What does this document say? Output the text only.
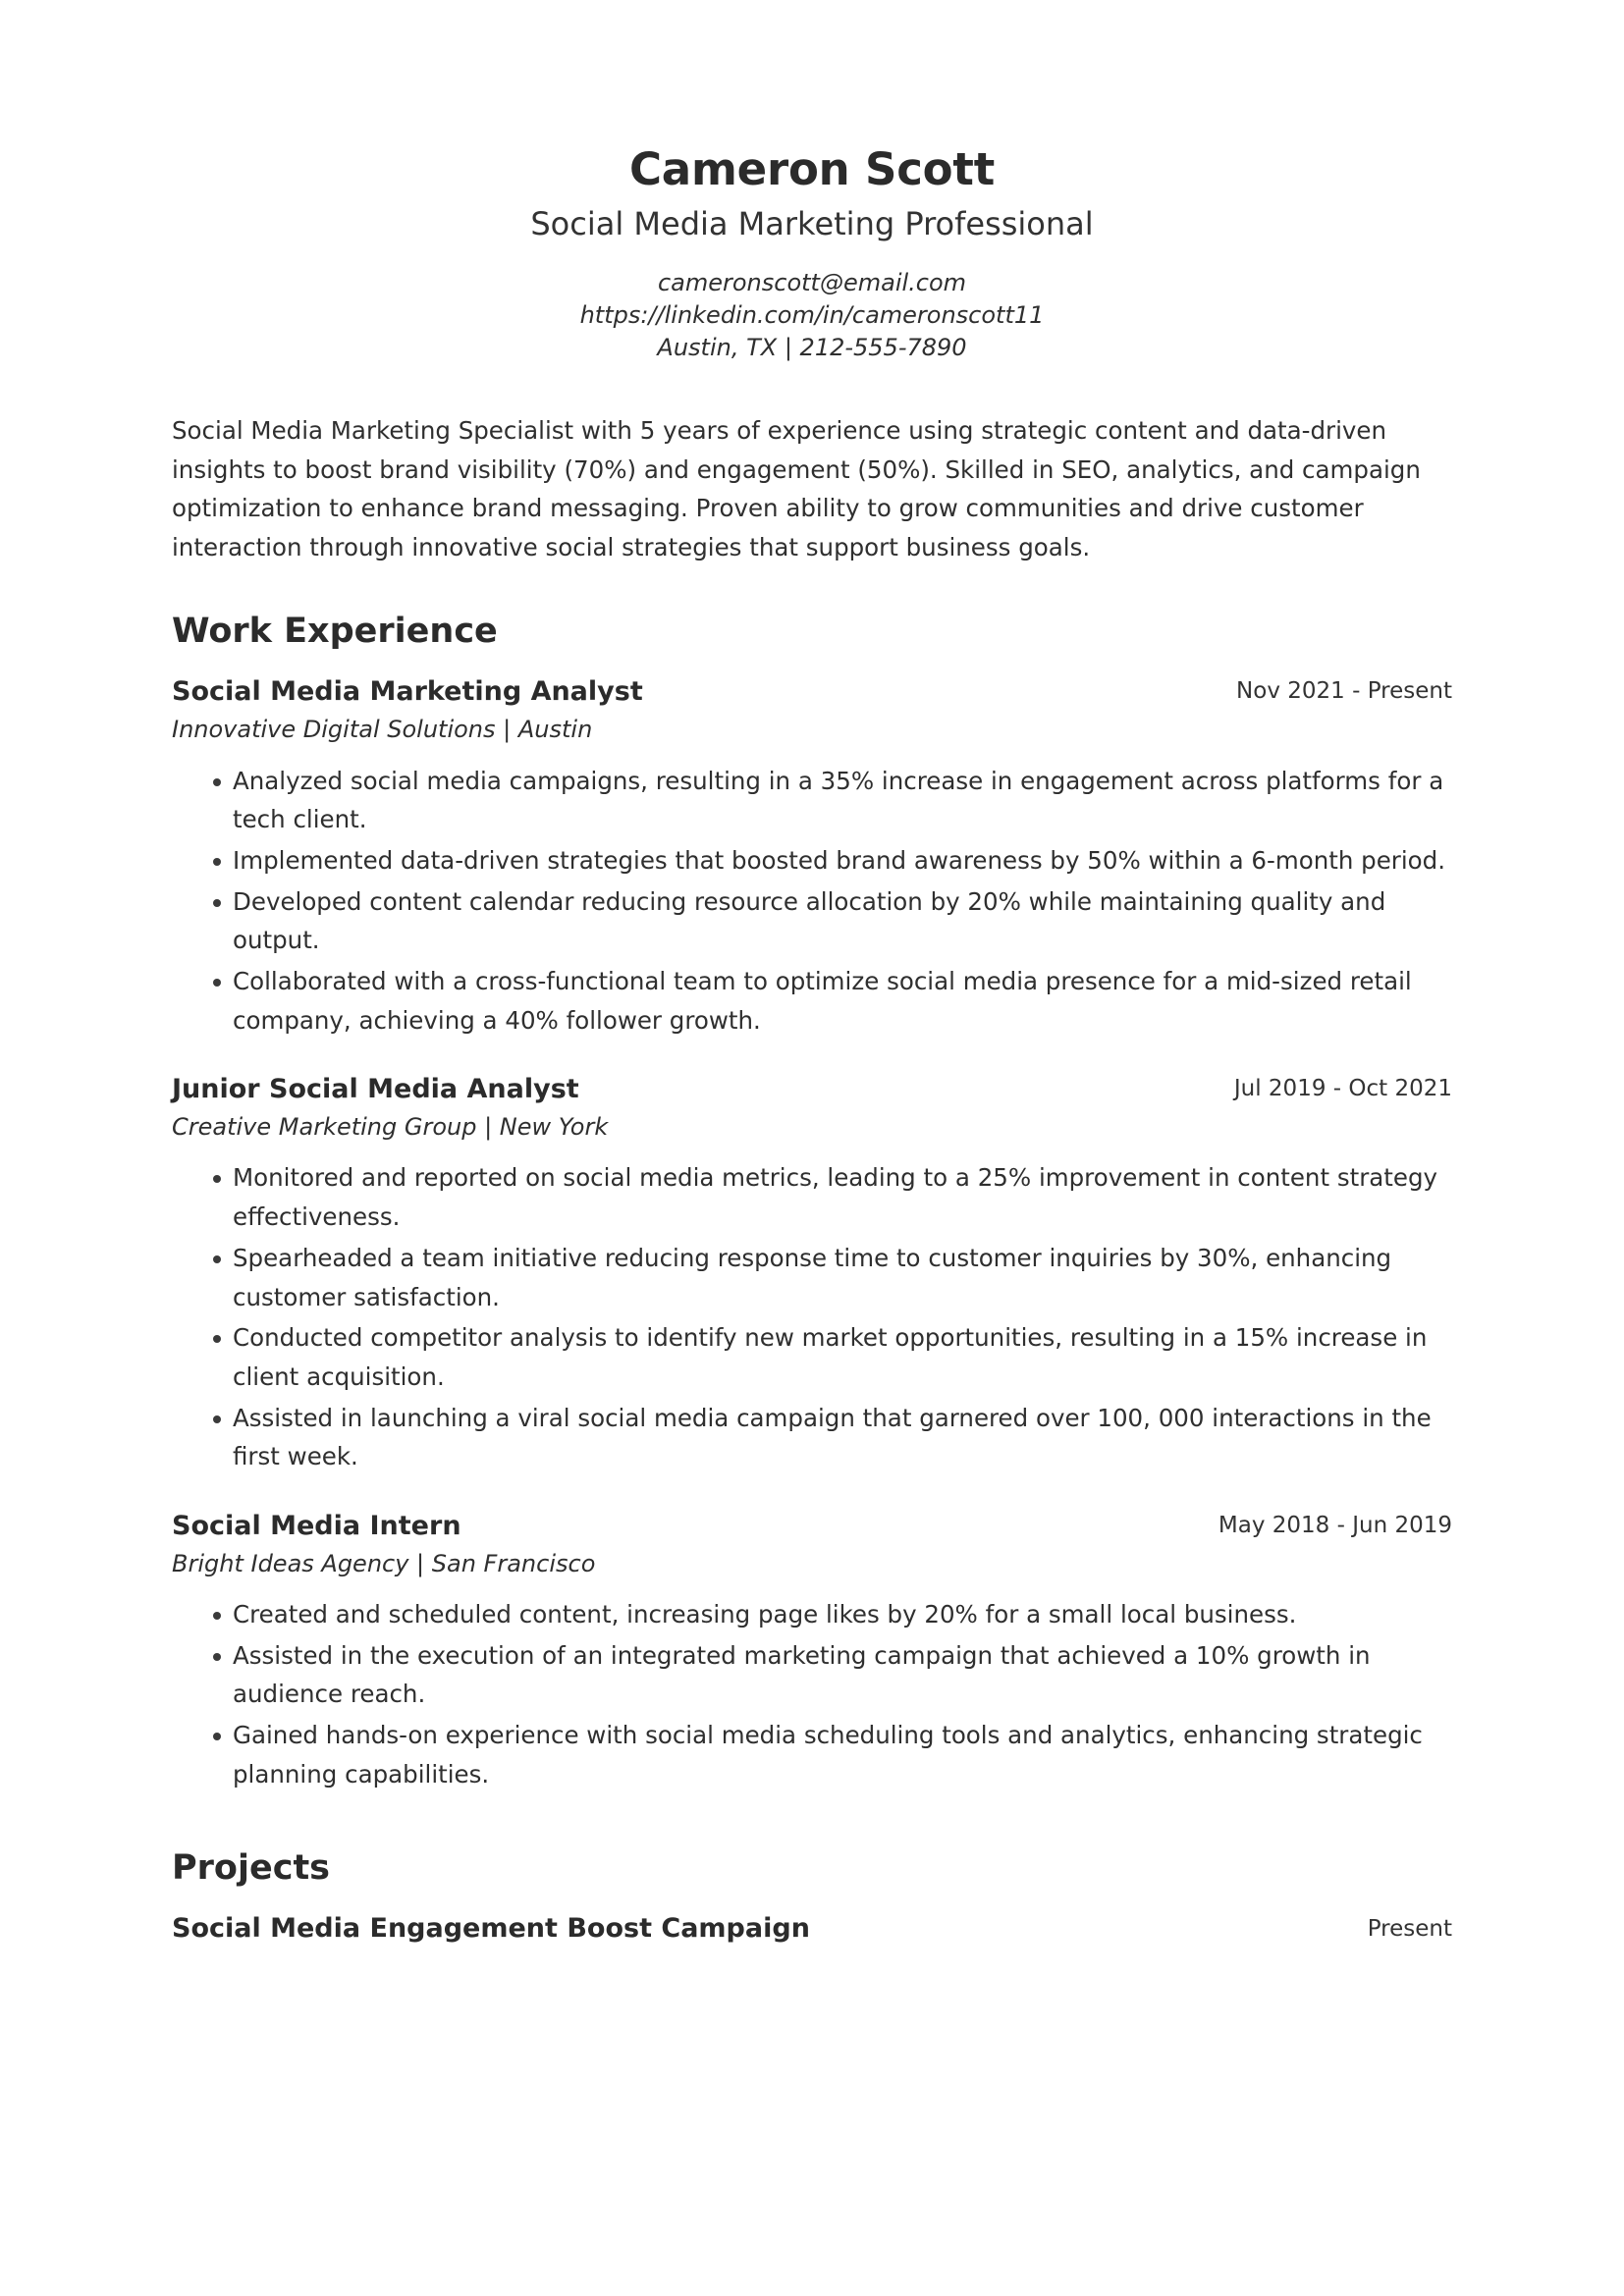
Cameron Scott
Social Media Marketing Professional
cameronscott@email.com
https://linkedin.com/in/cameronscott11
Austin, TX | 212-555-7890
Social Media Marketing Specialist with 5 years of experience using strategic content and data-driven insights to boost brand visibility (70%) and engagement (50%). Skilled in SEO, analytics, and campaign optimization to enhance brand messaging. Proven ability to grow communities and drive customer interaction through innovative social strategies that support business goals.
Work Experience
Social Media Marketing Analyst	Nov 2021 - Present
Innovative Digital Solutions | Austin
Analyzed social media campaigns, resulting in a 35% increase in engagement across platforms for a tech client.
Implemented data-driven strategies that boosted brand awareness by 50% within a 6-month period.
Developed content calendar reducing resource allocation by 20% while maintaining quality and output.
Collaborated with a cross-functional team to optimize social media presence for a mid-sized retail company, achieving a 40% follower growth.
Junior Social Media Analyst	Jul 2019 - Oct 2021
Creative Marketing Group | New York
Monitored and reported on social media metrics, leading to a 25% improvement in content strategy effectiveness.
Spearheaded a team initiative reducing response time to customer inquiries by 30%, enhancing customer satisfaction.
Conducted competitor analysis to identify new market opportunities, resulting in a 15% increase in client acquisition.
Assisted in launching a viral social media campaign that garnered over 100, 000 interactions in the first week.
Social Media Intern	May 2018 - Jun 2019
Bright Ideas Agency | San Francisco
Created and scheduled content, increasing page likes by 20% for a small local business.
Assisted in the execution of an integrated marketing campaign that achieved a 10% growth in audience reach.
Gained hands-on experience with social media scheduling tools and analytics, enhancing strategic planning capabilities.
Projects
Social Media Engagement Boost Campaign	Present
